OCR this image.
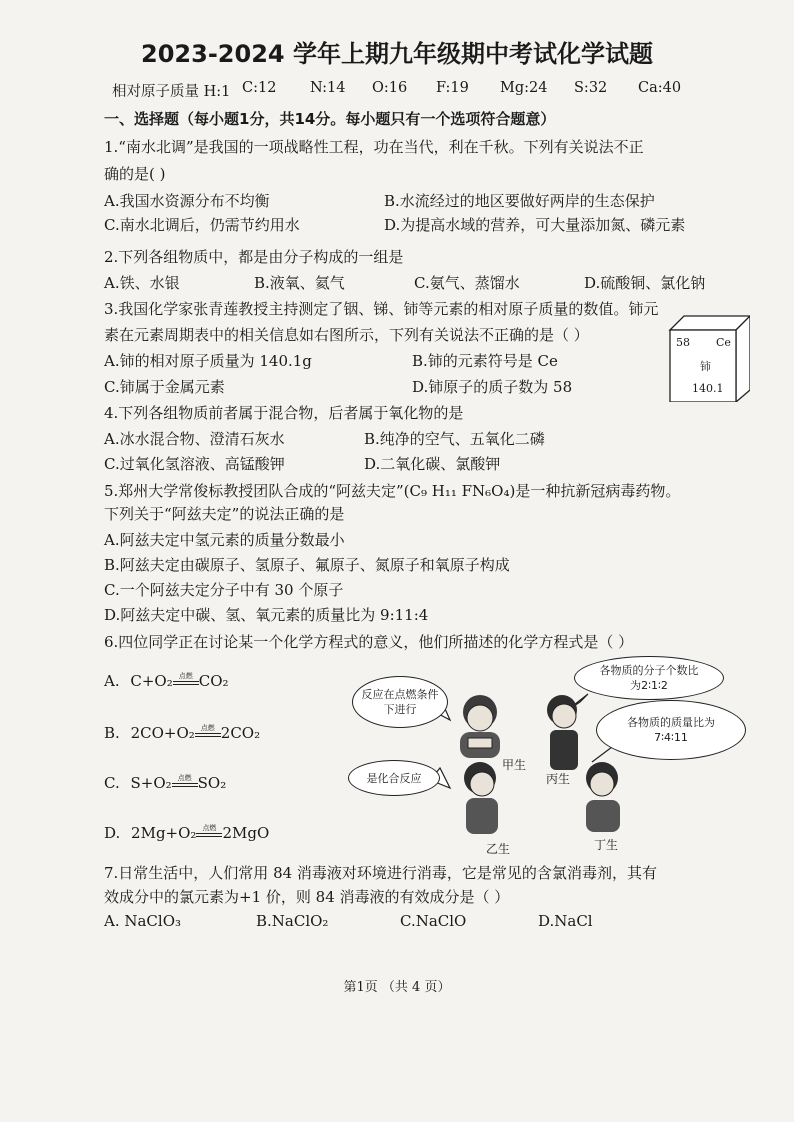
2023-2024 学年上期九年级期中考试化学试题
相对原子质量 H:1 C:12	N:14	O:16	F:19	Mg:24	S:32	Ca:40
一、选择题（每小题1分，共14分。每小题只有一个选项符合题意）
1.“南水北调”是我国的一项战略性工程，功在当代，利在千秋。下列有关说法不正
确的是( )
A.我国水资源分布不均衡	B.水流经过的地区要做好两岸的生态保护
C.南水北调后，仍需节约用水	D.为提高水域的营养，可大量添加氮、磷元素
2.下列各组物质中，都是由分子构成的一组是
A.铁、水银	B.液氧、氦气	C.氨气、蒸馏水	D.硫酸铜、氯化钠
3.我国化学家张青莲教授主持测定了铟、锑、铈等元素的相对原子质量的数值。铈元
素在元素周期表中的相关信息如右图所示，下列有关说法不正确的是（ ）
A.铈的相对原子质量为 140.1g	B.铈的元素符号是 Ce
C.铈属于金属元素	D.铈原子的质子数为 58
58 Ce
铈
140.1
4.下列各组物质前者属于混合物，后者属于氧化物的是
A.冰水混合物、澄清石灰水	B.纯净的空气、五氧化二磷
C.过氧化氢溶液、高锰酸钾	D.二氧化碳、氯酸钾
5.郑州大学常俊标教授团队合成的“阿兹夫定”(C₉ H₁₁ FN₆O₄)是一种抗新冠病毒药物。
下列关于“阿兹夫定”的说法正确的是
A.阿兹夫定中氢元素的质量分数最小
B.阿兹夫定由碳原子、氢原子、氟原子、氮原子和氧原子构成
C.一个阿兹夫定分子中有 30 个原子
D.阿兹夫定中碳、氢、氧元素的质量比为 9:11:4
6.四位同学正在讨论某一个化学方程式的意义，他们所描述的化学方程式是（ ）
A. C+O₂ 点燃 CO₂
B. 2CO+O₂ 点燃 2CO₂
C. S+O₂ 点燃 SO₂
D. 2Mg+O₂ 点燃 2MgO
反应在点燃条件下进行
是化合反应
各物质的分子个数比为2∶1∶2
各物质的质量比为7∶4∶11
甲生
丙生
乙生	丁生
7.日常生活中，人们常用 84 消毒液对环境进行消毒，它是常见的含氯消毒剂，其有
效成分中的氯元素为+1 价，则 84 消毒液的有效成分是（ ）
A. NaClO₃	B.NaClO₂	C.NaClO	D.NaCl
第1页 （共 4 页）
